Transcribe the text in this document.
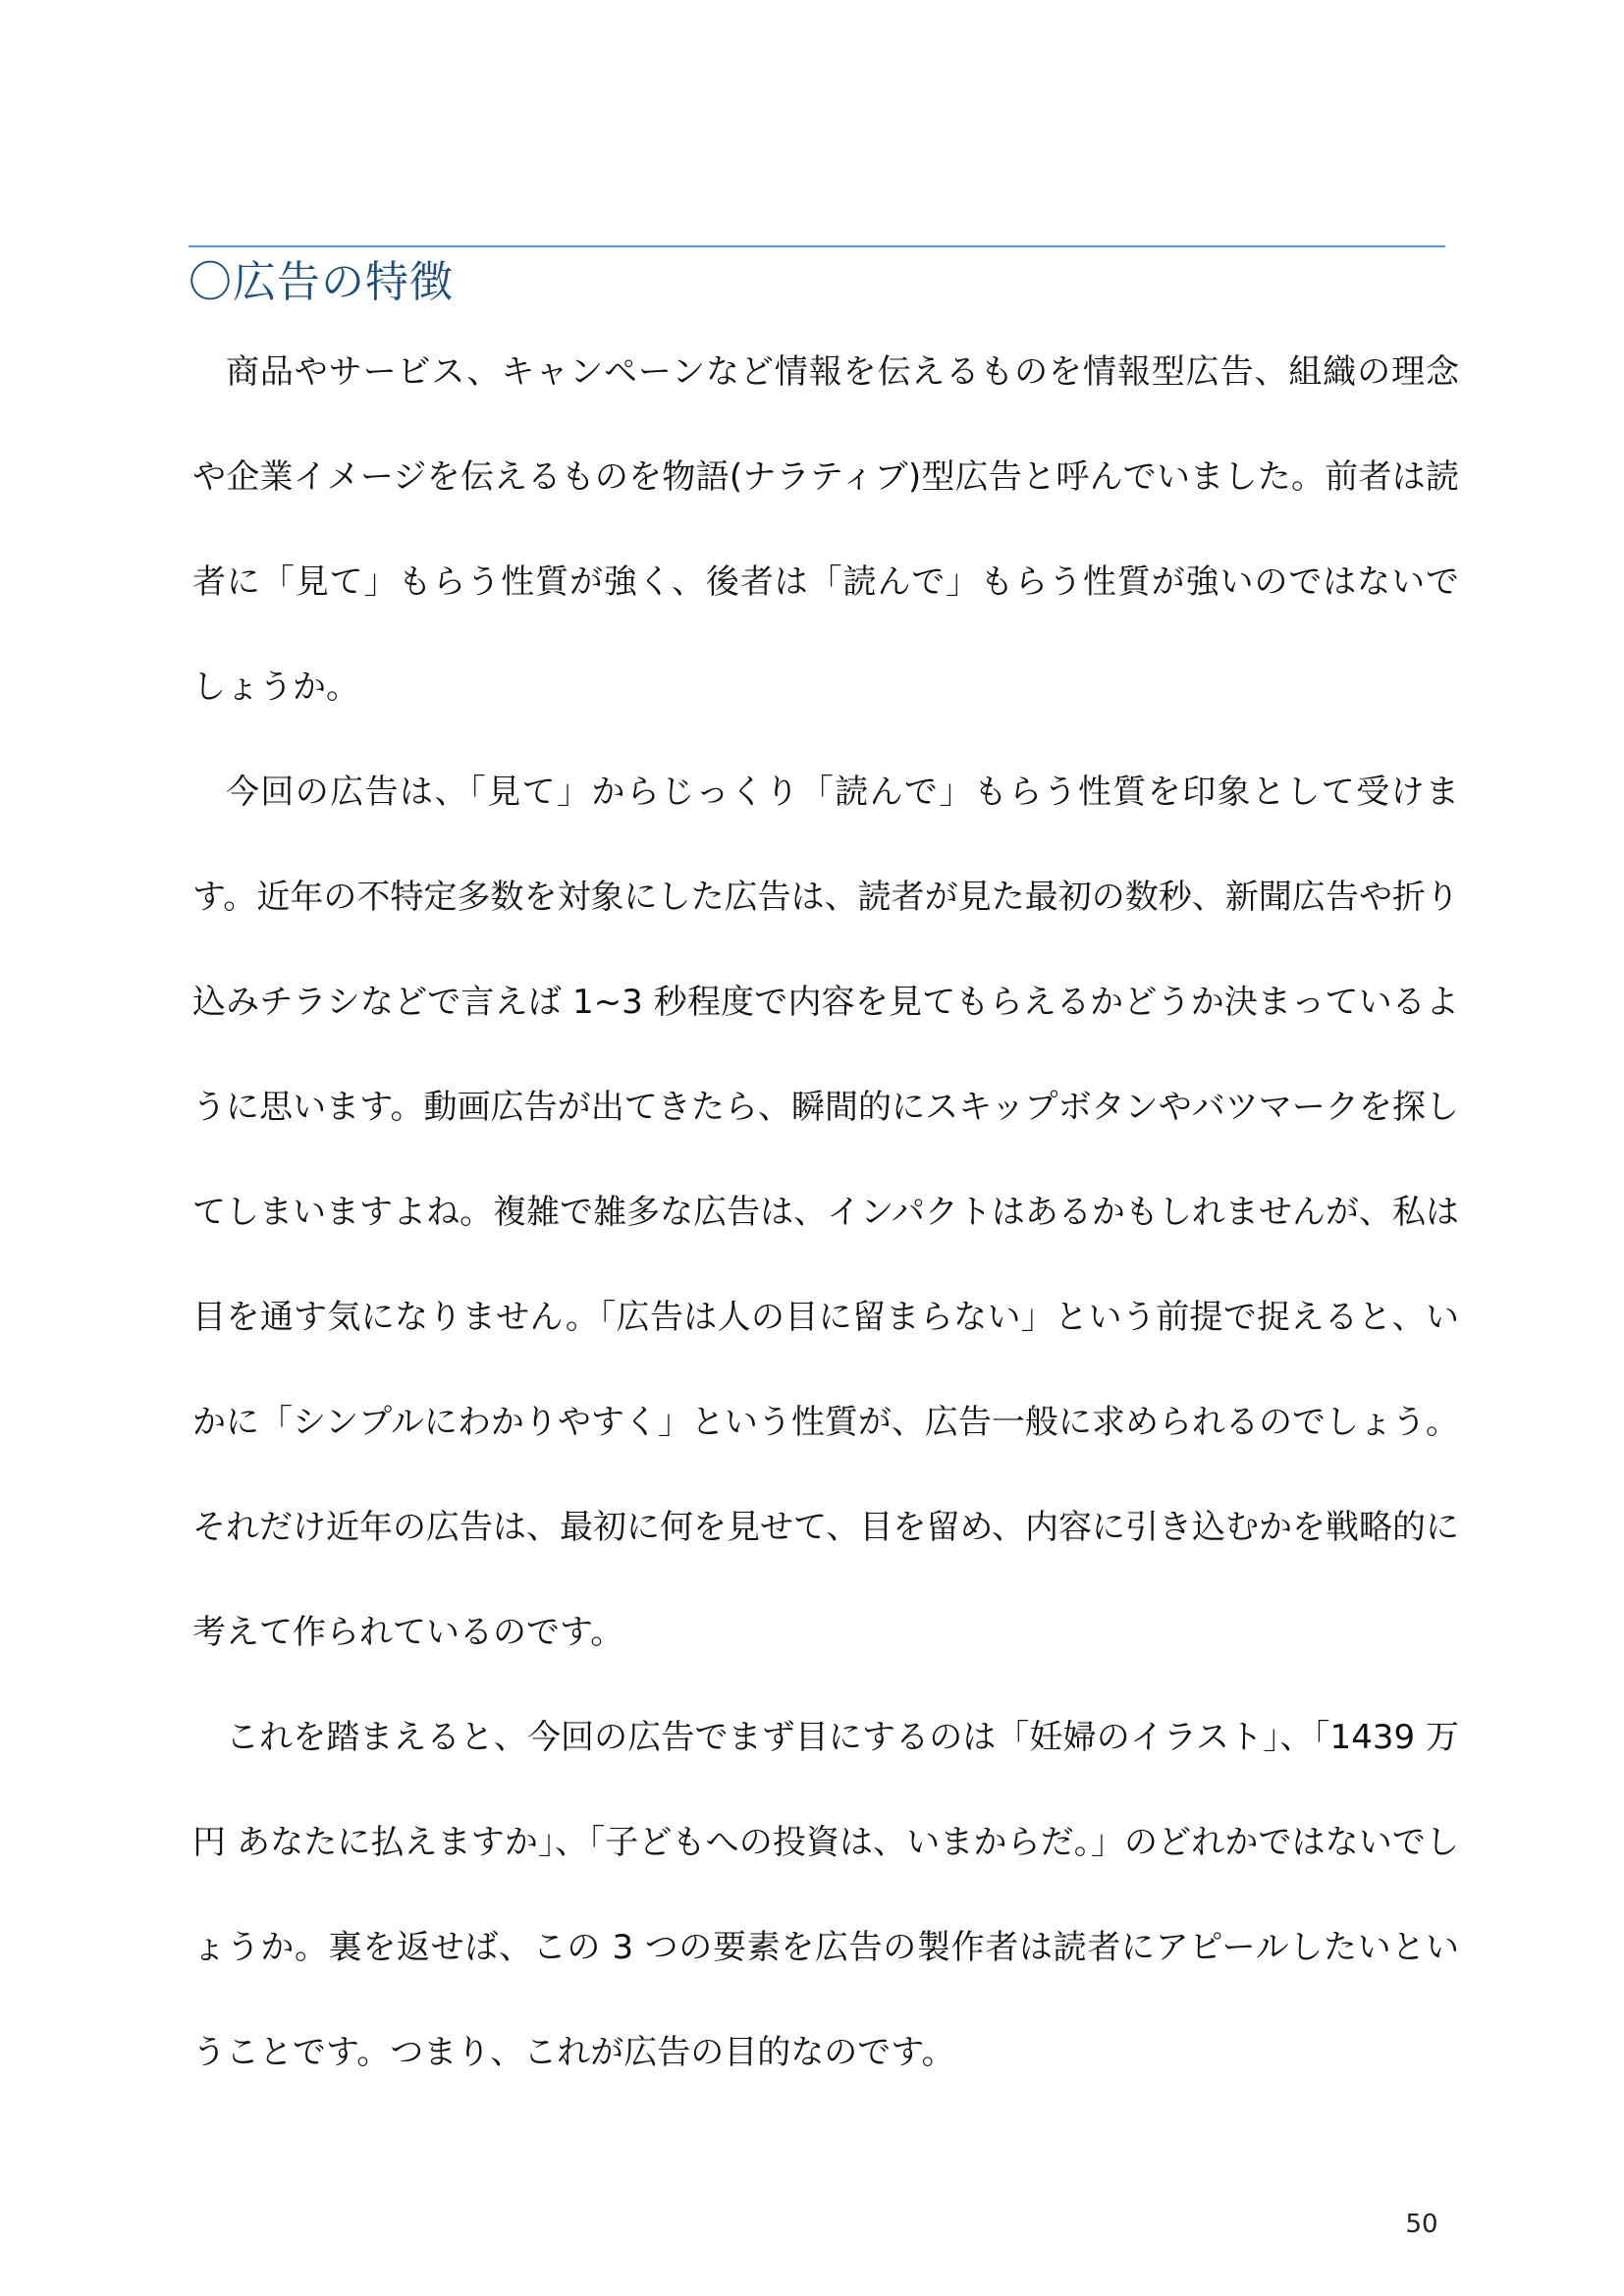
〇広告の特徴

商品やサービス、キャンペーンなど情報を伝えるものを情報型広告、組織の理念や企業イメージを伝えるものを物語(ナラティブ)型広告と呼んでいました。前者は読者に「見て」もらう性質が強く、後者は「読んで」もらう性質が強いのではないでしょうか。

今回の広告は、「見て」からじっくり「読んで」もらう性質を印象として受けます。近年の不特定多数を対象にした広告は、読者が見た最初の数秒、新聞広告や折り込みチラシなどで言えば 1~3 秒程度で内容を見てもらえるかどうか決まっているように思います。動画広告が出てきたら、瞬間的にスキップボタンやバツマークを探してしまいますよね。複雑で雑多な広告は、インパクトはあるかもしれませんが、私は目を通す気になりません。「広告は人の目に留まらない」という前提で捉えると、いかに「シンプルにわかりやすく」という性質が、広告一般に求められるのでしょう。それだけ近年の広告は、最初に何を見せて、目を留め、内容に引き込むかを戦略的に考えて作られているのです。

これを踏まえると、今回の広告でまず目にするのは「妊婦のイラスト」、「1439 万円 あなたに払えますか」、「子どもへの投資は、いまからだ。」のどれかではないでしょうか。裏を返せば、この 3 つの要素を広告の製作者は読者にアピールしたいということです。つまり、これが広告の目的なのです。

50
